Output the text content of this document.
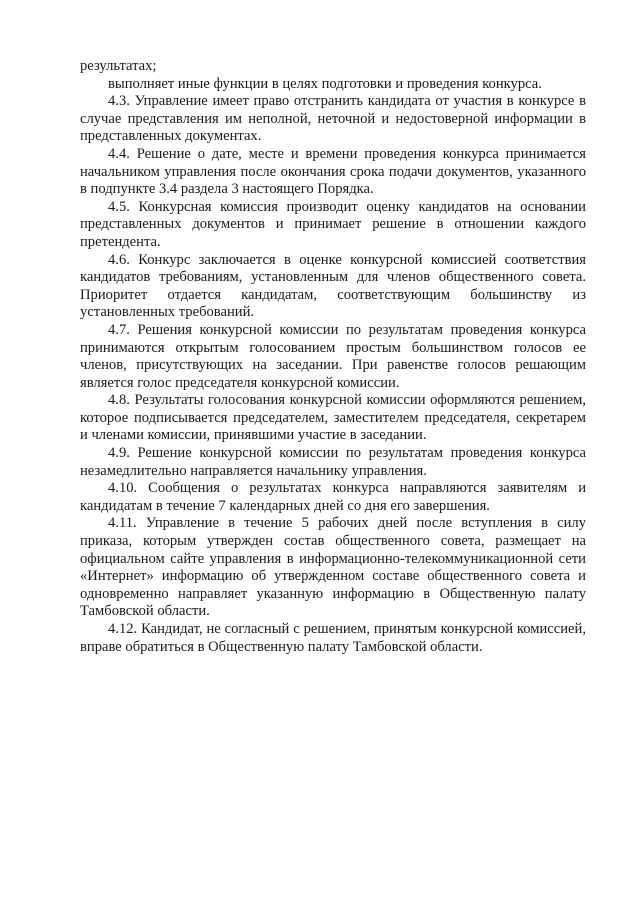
результатах;

выполняет иные функции в целях подготовки и проведения конкурса.

4.3. Управление имеет право отстранить кандидата от участия в конкурсе в случае представления им неполной, неточной и недостоверной информации в представленных документах.

4.4. Решение о дате, месте и времени проведения конкурса принимается начальником управления после окончания срока подачи документов, указанного в подпункте 3.4 раздела 3 настоящего Порядка.

4.5. Конкурсная комиссия производит оценку кандидатов на основании представленных документов и принимает решение в отношении каждого претендента.

4.6. Конкурс заключается в оценке конкурсной комиссией соответствия кандидатов требованиям, установленным для членов общественного совета. Приоритет отдается кандидатам, соответствующим большинству из установленных требований.

4.7. Решения конкурсной комиссии по результатам проведения конкурса принимаются открытым голосованием простым большинством голосов ее членов, присутствующих на заседании. При равенстве голосов решающим является голос председателя конкурсной комиссии.

4.8. Результаты голосования конкурсной комиссии оформляются решением, которое подписывается председателем, заместителем председателя, секретарем и членами комиссии, принявшими участие в заседании.

4.9. Решение конкурсной комиссии по результатам проведения конкурса незамедлительно направляется начальнику управления.

4.10. Сообщения о результатах конкурса направляются заявителям и кандидатам в течение 7 календарных дней со дня его завершения.

4.11. Управление в течение 5 рабочих дней после вступления в силу приказа, которым утвержден состав общественного совета, размещает на официальном сайте управления в информационно-телекоммуникационной сети «Интернет» информацию об утвержденном составе общественного совета и одновременно направляет указанную информацию в Общественную палату Тамбовской области.

4.12. Кандидат, не согласный с решением, принятым конкурсной комиссией, вправе обратиться в Общественную палату Тамбовской области.
